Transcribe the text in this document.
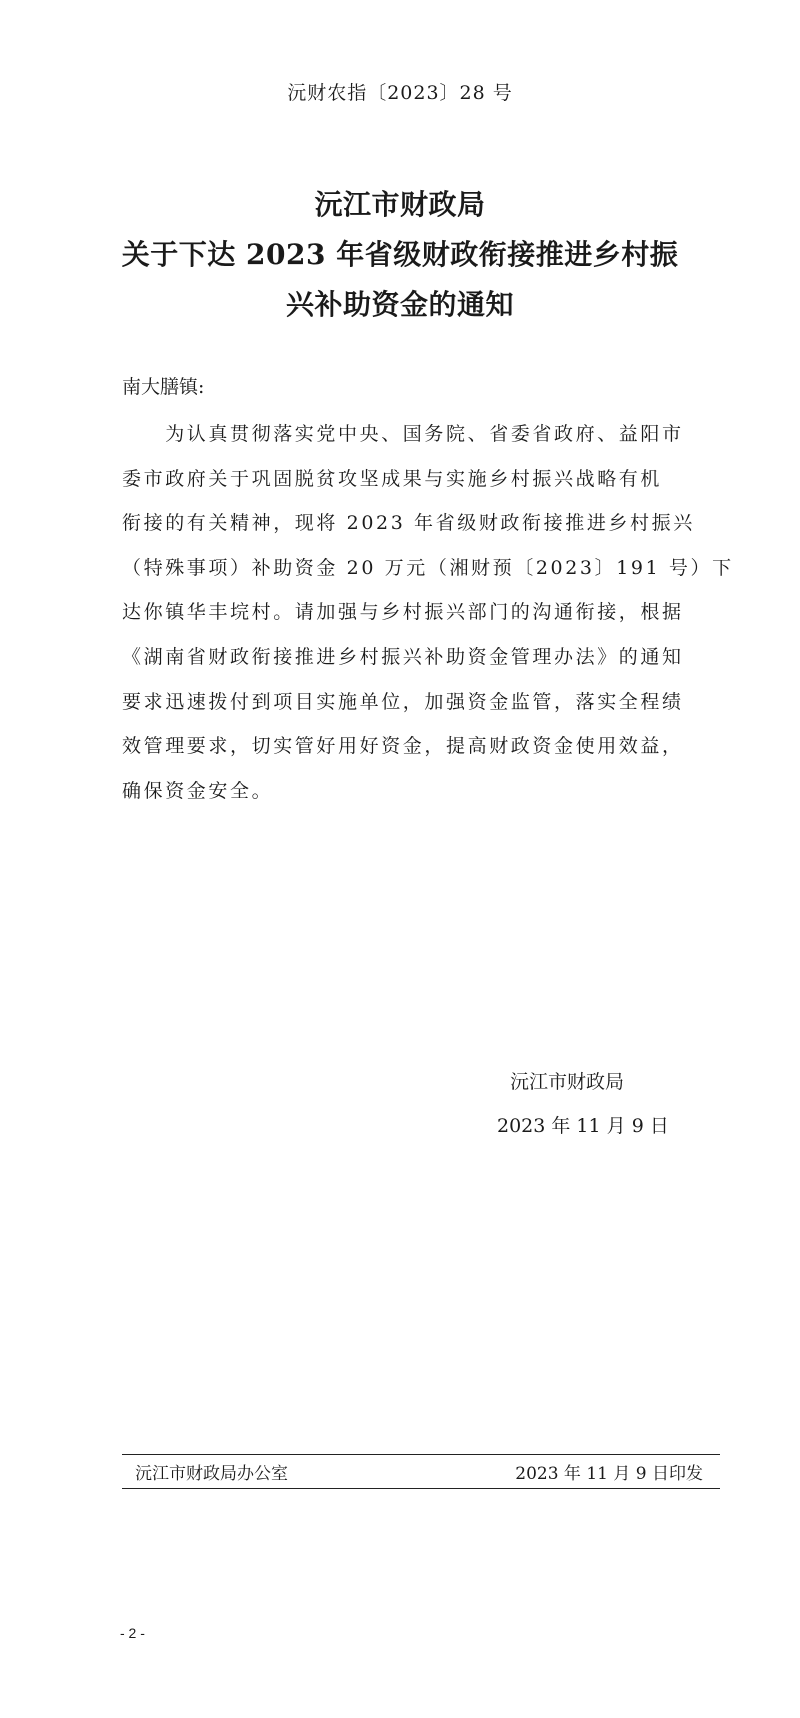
沅财农指〔2023〕28 号
沅江市财政局
关于下达 2023 年省级财政衔接推进乡村振
兴补助资金的通知
南大膳镇:
　　为认真贯彻落实党中央、国务院、省委省政府、益阳市
委市政府关于巩固脱贫攻坚成果与实施乡村振兴战略有机
衔接的有关精神，现将 2023 年省级财政衔接推进乡村振兴
（特殊事项）补助资金 20 万元（湘财预〔2023〕191 号）下
达你镇华丰垸村。请加强与乡村振兴部门的沟通衔接，根据
《湖南省财政衔接推进乡村振兴补助资金管理办法》的通知
要求迅速拨付到项目实施单位，加强资金监管，落实全程绩
效管理要求，切实管好用好资金，提高财政资金使用效益，
确保资金安全。
沅江市财政局
2023 年 11 月 9 日
沅江市财政局办公室	2023 年 11 月 9 日印发
- 2 -
